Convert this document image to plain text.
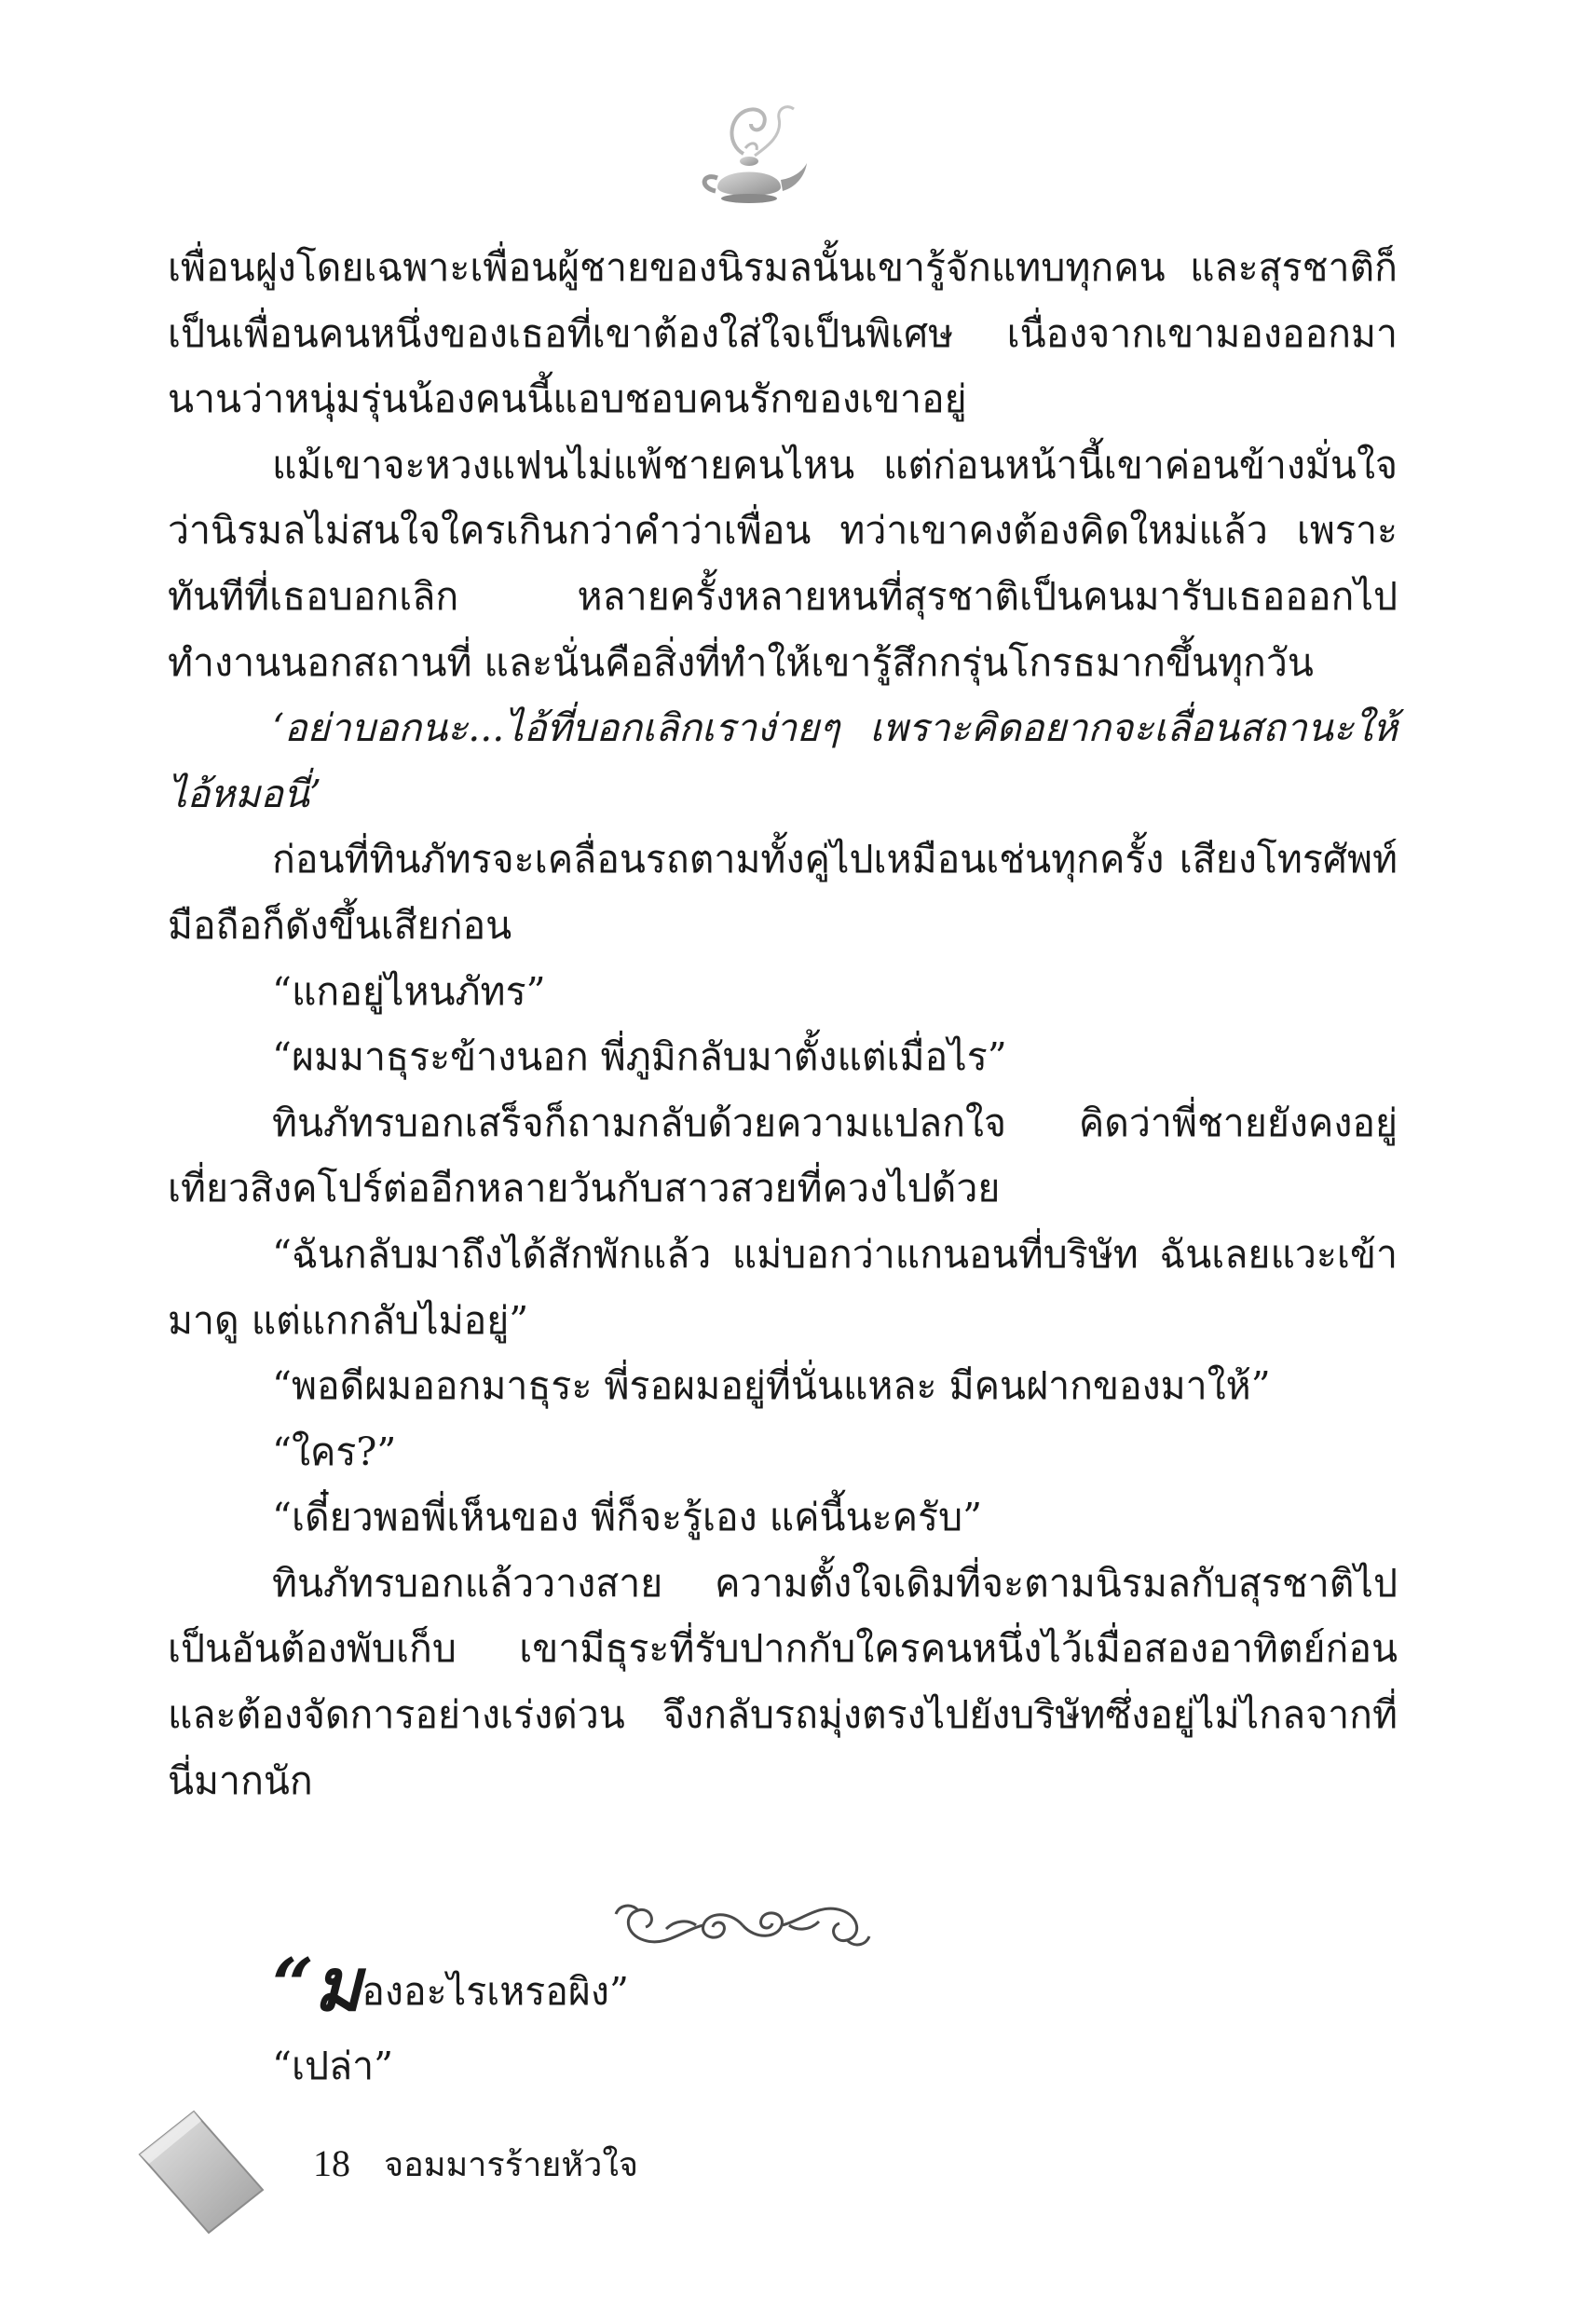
เพื่อนฝูงโดยเฉพาะเพื่อนผู้ชายของนิรมลนั้นเขารู้จักแทบทุกคน และสุรชาติก็เป็นเพื่อนคนหนึ่งของเธอที่เขาต้องใส่ใจเป็นพิเศษ เนื่องจากเขามองออกมานานว่าหนุ่มรุ่นน้องคนนี้แอบชอบคนรักของเขาอยู่

แม้เขาจะหวงแฟนไม่แพ้ชายคนไหน แต่ก่อนหน้านี้เขาค่อนข้างมั่นใจว่านิรมลไม่สนใจใครเกินกว่าคำว่าเพื่อน ทว่าเขาคงต้องคิดใหม่แล้ว เพราะทันทีที่เธอบอกเลิก หลายครั้งหลายหนที่สุรชาติเป็นคนมารับเธอออกไปทำงานนอกสถานที่ และนั่นคือสิ่งที่ทำให้เขารู้สึกกรุ่นโกรธมากขึ้นทุกวัน

‘อย่าบอกนะ...ไอ้ที่บอกเลิกเราง่ายๆ เพราะคิดอยากจะเลื่อนสถานะให้ไอ้หมอนี่’

ก่อนที่ทินภัทรจะเคลื่อนรถตามทั้งคู่ไปเหมือนเช่นทุกครั้ง เสียงโทรศัพท์มือถือก็ดังขึ้นเสียก่อน

“แกอยู่ไหนภัทร”

“ผมมาธุระข้างนอก พี่ภูมิกลับมาตั้งแต่เมื่อไร”

ทินภัทรบอกเสร็จก็ถามกลับด้วยความแปลกใจ คิดว่าพี่ชายยังคงอยู่เที่ยวสิงคโปร์ต่ออีกหลายวันกับสาวสวยที่ควงไปด้วย

“ฉันกลับมาถึงได้สักพักแล้ว แม่บอกว่าแกนอนที่บริษัท ฉันเลยแวะเข้ามาดู แต่แกกลับไม่อยู่”

“พอดีผมออกมาธุระ พี่รอผมอยู่ที่นั่นแหละ มีคนฝากของมาให้”

“ใคร?”

“เดี๋ยวพอพี่เห็นของ พี่ก็จะรู้เอง แค่นี้นะครับ”

ทินภัทรบอกแล้ววางสาย ความตั้งใจเดิมที่จะตามนิรมลกับสุรชาติไปเป็นอันต้องพับเก็บ เขามีธุระที่รับปากกับใครคนหนึ่งไว้เมื่อสองอาทิตย์ก่อน และต้องจัดการอย่างเร่งด่วน จึงกลับรถมุ่งตรงไปยังบริษัทซึ่งอยู่ไม่ไกลจากที่นี่มากนัก

“มองอะไรเหรอผิง”
“เปล่า”
18 จอมมารร้ายหัวใจ
